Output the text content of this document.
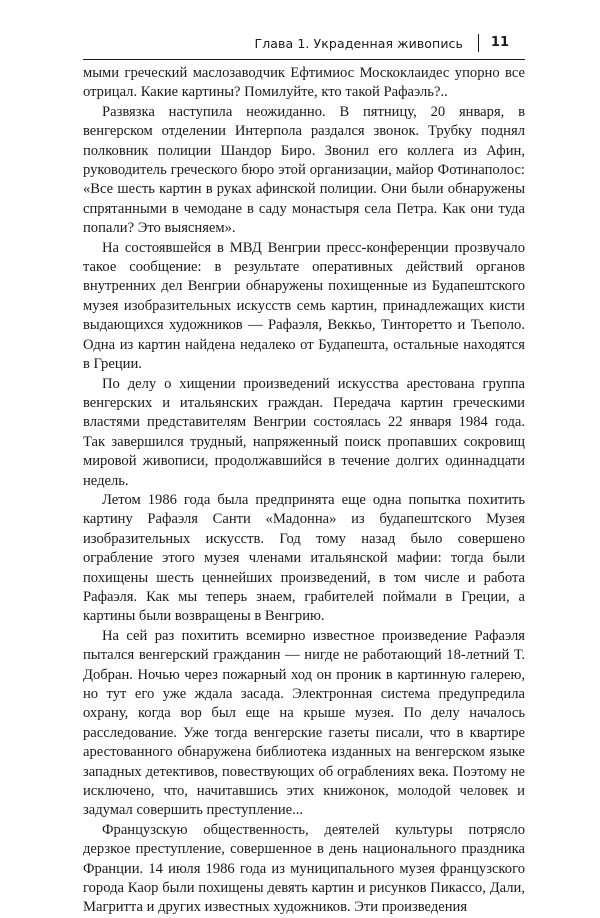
Глава 1. Украденная живопись 11

мыми греческий маслозаводчик Ефтимиос Москоклаидес упорно все отрицал. Какие картины? Помилуйте, кто такой Рафаэль?..

Развязка наступила неожиданно. В пятницу, 20 января, в венгерском отделении Интерпола раздался звонок. Трубку поднял полковник полиции Шандор Биро. Звонил его коллега из Афин, руководитель греческого бюро этой организации, майор Фотинаполос: «Все шесть картин в руках афинской полиции. Они были обнаружены спрятанными в чемодане в саду монастыря села Петра. Как они туда попали? Это выясняем».

На состоявшейся в МВД Венгрии пресс-конференции прозвучало такое сообщение: в результате оперативных действий органов внутренних дел Венгрии обнаружены похищенные из Будапештского музея изобразительных искусств семь картин, принадлежащих кисти выдающихся художников — Рафаэля, Веккьо, Тинторетто и Тьеполо. Одна из картин найдена недалеко от Будапешта, остальные находятся в Греции.

По делу о хищении произведений искусства арестована группа венгерских и итальянских граждан. Передача картин греческими властями представителям Венгрии состоялась 22 января 1984 года. Так завершился трудный, напряженный поиск пропавших сокровищ мировой живописи, продолжавшийся в течение долгих одиннадцати недель.

Летом 1986 года была предпринята еще одна попытка похитить картину Рафаэля Санти «Мадонна» из будапештского Музея изобразительных искусств. Год тому назад было совершено ограбление этого музея членами итальянской мафии: тогда были похищены шесть ценнейших произведений, в том числе и работа Рафаэля. Как мы теперь знаем, грабителей поймали в Греции, а картины были возвращены в Венгрию.

На сей раз похитить всемирно известное произведение Рафаэля пытался венгерский гражданин — нигде не работающий 18-летний Т. Добран. Ночью через пожарный ход он проник в картинную галерею, но тут его уже ждала засада. Электронная система предупредила охрану, когда вор был еще на крыше музея. По делу началось расследование. Уже тогда венгерские газеты писали, что в квартире арестованного обнаружена библиотека изданных на венгерском языке западных детективов, повествующих об ограблениях века. Поэтому не исключено, что, начитавшись этих книжонок, молодой человек и задумал совершить преступление...

Французскую общественность, деятелей культуры потрясло дерзкое преступление, совершенное в день национального праздника Франции. 14 июля 1986 года из муниципального музея французского города Каор были похищены девять картин и рисунков Пикассо, Дали, Магритта и других известных художников. Эти произведения
